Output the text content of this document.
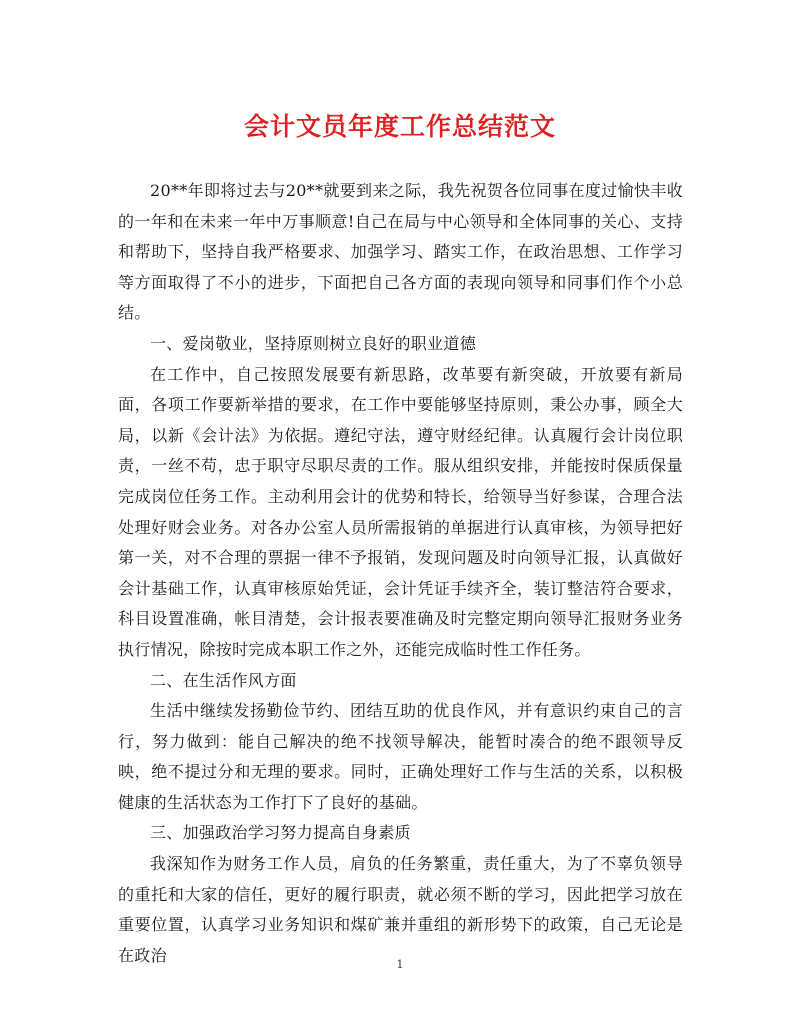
会计文员年度工作总结范文

20**年即将过去与20**就要到来之际，我先祝贺各位同事在度过愉快丰收的一年和在未来一年中万事顺意!自己在局与中心领导和全体同事的关心、支持和帮助下，坚持自我严格要求、加强学习、踏实工作，在政治思想、工作学习等方面取得了不小的进步，下面把自己各方面的表现向领导和同事们作个小总结。

一、爱岗敬业，坚持原则树立良好的职业道德

在工作中，自己按照发展要有新思路，改革要有新突破，开放要有新局面，各项工作要新举措的要求，在工作中要能够坚持原则，秉公办事，顾全大局，以新《会计法》为依据。遵纪守法，遵守财经纪律。认真履行会计岗位职责，一丝不苟，忠于职守尽职尽责的工作。服从组织安排，并能按时保质保量完成岗位任务工作。主动利用会计的优势和特长，给领导当好参谋，合理合法处理好财会业务。对各办公室人员所需报销的单据进行认真审核，为领导把好第一关，对不合理的票据一律不予报销，发现问题及时向领导汇报，认真做好会计基础工作，认真审核原始凭证，会计凭证手续齐全，装订整洁符合要求，科目设置准确，帐目清楚，会计报表要准确及时完整定期向领导汇报财务业务执行情况，除按时完成本职工作之外，还能完成临时性工作任务。

二、在生活作风方面

生活中继续发扬勤俭节约、团结互助的优良作风，并有意识约束自己的言行，努力做到：能自己解决的绝不找领导解决，能暂时凑合的绝不跟领导反映，绝不提过分和无理的要求。同时，正确处理好工作与生活的关系，以积极健康的生活状态为工作打下了良好的基础。

三、加强政治学习努力提高自身素质

我深知作为财务工作人员，肩负的任务繁重，责任重大，为了不辜负领导的重托和大家的信任，更好的履行职责，就必须不断的学习，因此把学习放在重要位置，认真学习业务知识和煤矿兼并重组的新形势下的政策，自己无论是在政治	1
